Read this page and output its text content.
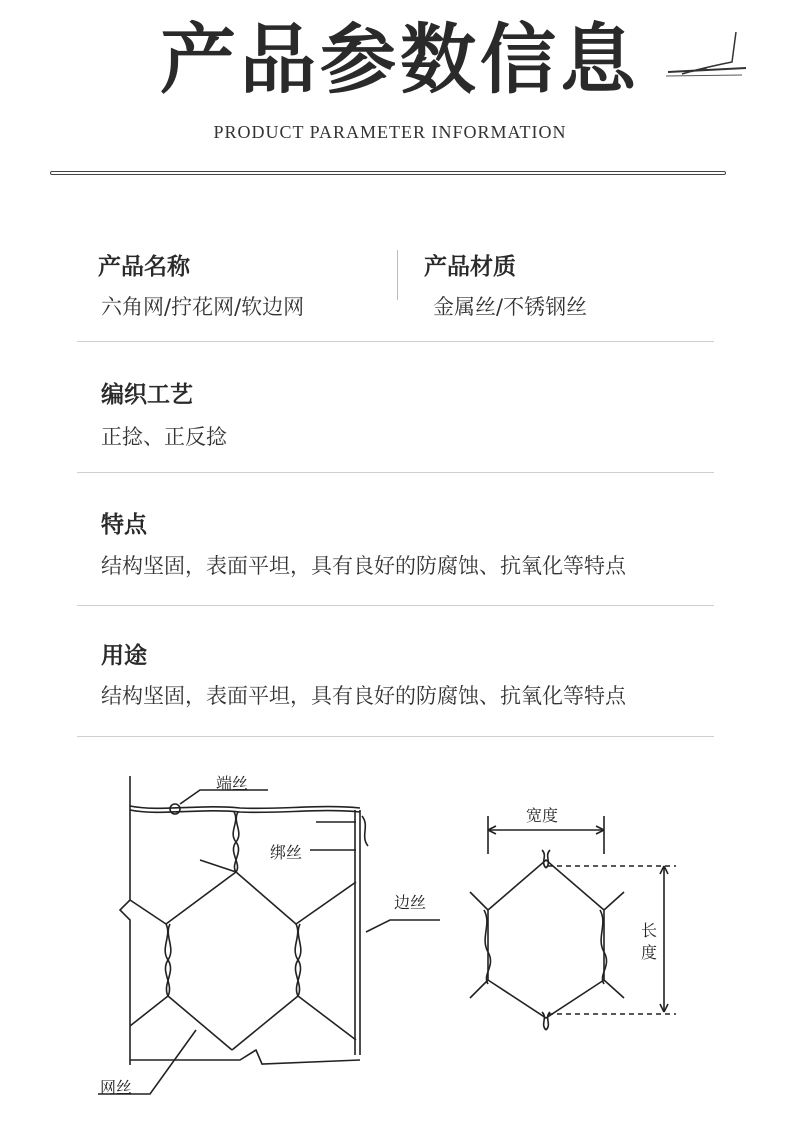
产品参数信息
PRODUCT PARAMETER INFORMATION
产品名称
六角网/拧花网/软边网
产品材质
金属丝/不锈钢丝
编织工艺
正捻、正反捻
特点
结构坚固，表面平坦，具有良好的防腐蚀、抗氧化等特点
用途
结构坚固，表面平坦，具有良好的防腐蚀、抗氧化等特点
端丝
绑丝
边丝
网丝
宽度
长
度
